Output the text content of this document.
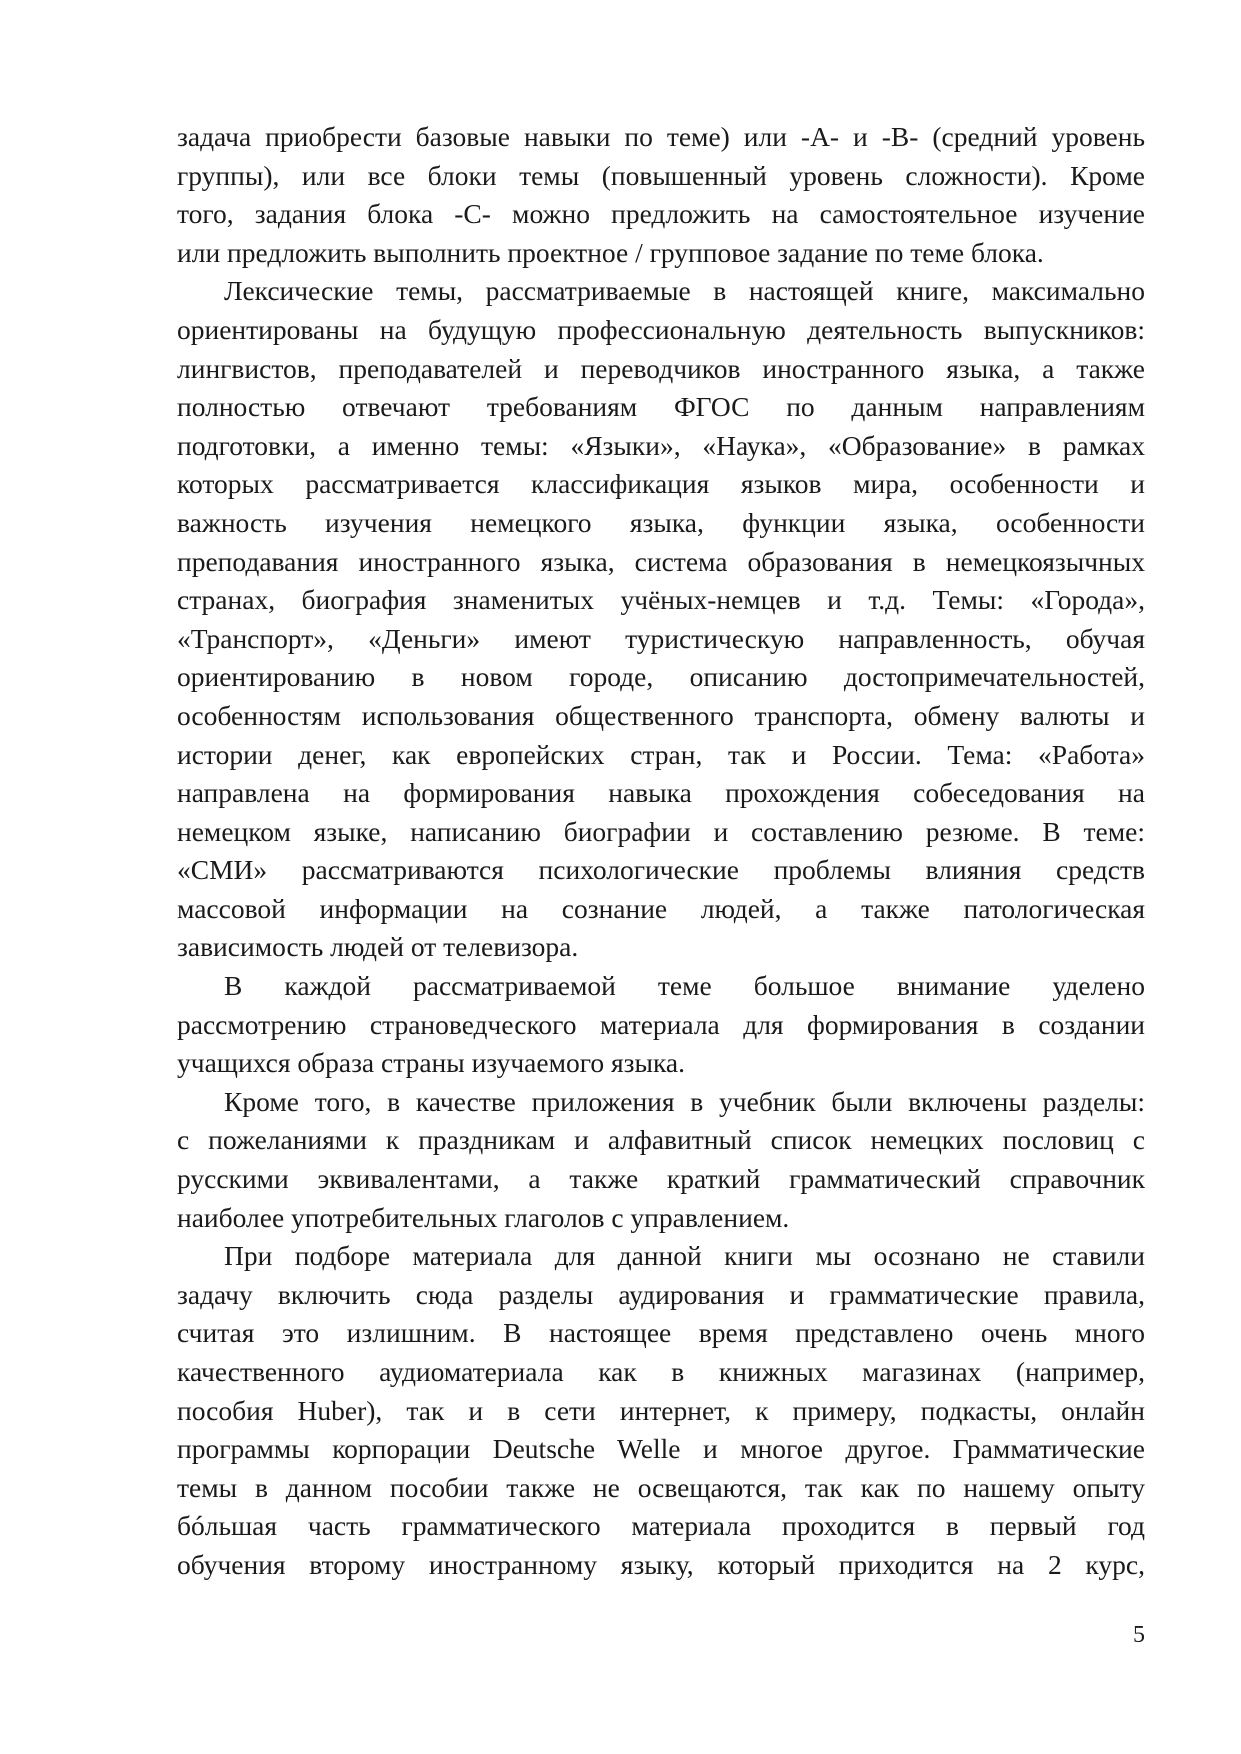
задача приобрести базовые навыки по теме) или -А- и -В- (средний уровень
группы), или все блоки темы (повышенный уровень сложности). Кроме
того, задания блока -С- можно предложить на самостоятельное изучение
или предложить выполнить проектное / групповое задание по теме блока.
Лексические темы, рассматриваемые в настоящей книге, максимально
ориентированы на будущую профессиональную деятельность выпускников:
лингвистов, преподавателей и переводчиков иностранного языка, а также
полностью отвечают требованиям ФГОС по данным направлениям
подготовки, а именно темы: «Языки», «Наука», «Образование» в рамках
которых рассматривается классификация языков мира, особенности и
важность изучения немецкого языка, функции языка, особенности
преподавания иностранного языка, система образования в немецкоязычных
странах, биография знаменитых учёных-немцев и т.д. Темы: «Города»,
«Транспорт», «Деньги» имеют туристическую направленность, обучая
ориентированию в новом городе, описанию достопримечательностей,
особенностям использования общественного транспорта, обмену валюты и
истории денег, как европейских стран, так и России. Тема: «Работа»
направлена на формирования навыка прохождения собеседования на
немецком языке, написанию биографии и составлению резюме. В теме:
«СМИ» рассматриваются психологические проблемы влияния средств
массовой информации на сознание людей, а также патологическая
зависимость людей от телевизора.
В каждой рассматриваемой теме большое внимание уделено
рассмотрению страноведческого материала для формирования в создании
учащихся образа страны изучаемого языка.
Кроме того, в качестве приложения в учебник были включены разделы:
с пожеланиями к праздникам и алфавитный список немецких пословиц с
русскими эквивалентами, а также краткий грамматический справочник
наиболее употребительных глаголов с управлением.
При подборе материала для данной книги мы осознано не ставили
задачу включить сюда разделы аудирования и грамматические правила,
считая это излишним. В настоящее время представлено очень много
качественного аудиоматериала как в книжных магазинах (например,
пособия Huber), так и в сети интернет, к примеру, подкасты, онлайн
программы корпорации Deutsche Welle и многое другое. Грамматические
темы в данном пособии также не освещаются, так как по нашему опыту
бóльшая часть грамматического материала проходится в первый год
обучения второму иностранному языку, который приходится на 2 курс,
5
